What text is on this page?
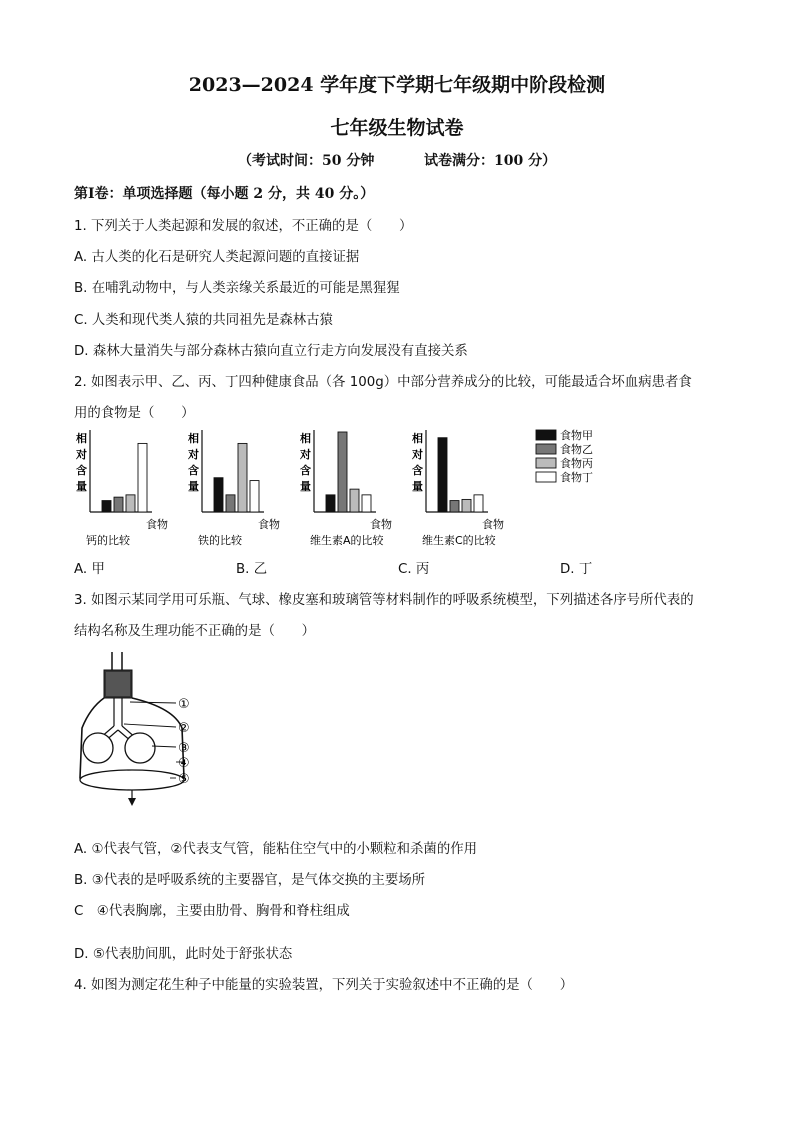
2023—2024 学年度下学期七年级期中阶段检测
七年级生物试卷
（考试时间：50 分钟	试卷满分：100 分）
第Ⅰ卷：单项选择题（每小题 2 分，共 40 分。）
1. 下列关于人类起源和发展的叙述，不正确的是（　　）
A. 古人类的化石是研究人类起源问题的直接证据
B. 在哺乳动物中，与人类亲缘关系最近的可能是黑猩猩
C. 人类和现代类人猿的共同祖先是森林古猿
D. 森林大量消失与部分森林古猿向直立行走方向发展没有直接关系
2. 如图表示甲、乙、丙、丁四种健康食品（各 100g）中部分营养成分的比较，可能最适合坏血病患者食
用的食物是（　　）
相
对
含
量
食物
钙的比较
相
对
含
量
食物
铁的比较
相
对
含
量
食物
维生素A的比较
相
对
含
量
食物
维生素C的比较
食物甲
食物乙
食物丙
食物丁
A. 甲	B. 乙	C. 丙	D. 丁
3. 如图示某同学用可乐瓶、气球、橡皮塞和玻璃管等材料制作的呼吸系统模型，下列描述各序号所代表的
结构名称及生理功能不正确的是（　　）
①
②
③
④
⑤
A. ①代表气管，②代表支气管，能粘住空气中的小颗粒和杀菌的作用
B. ③代表的是呼吸系统的主要器官，是气体交换的主要场所
C　④代表胸廓，主要由肋骨、胸骨和脊柱组成
D. ⑤代表肋间肌，此时处于舒张状态
4. 如图为测定花生种子中能量的实验装置，下列关于实验叙述中不正确的是（　　）
